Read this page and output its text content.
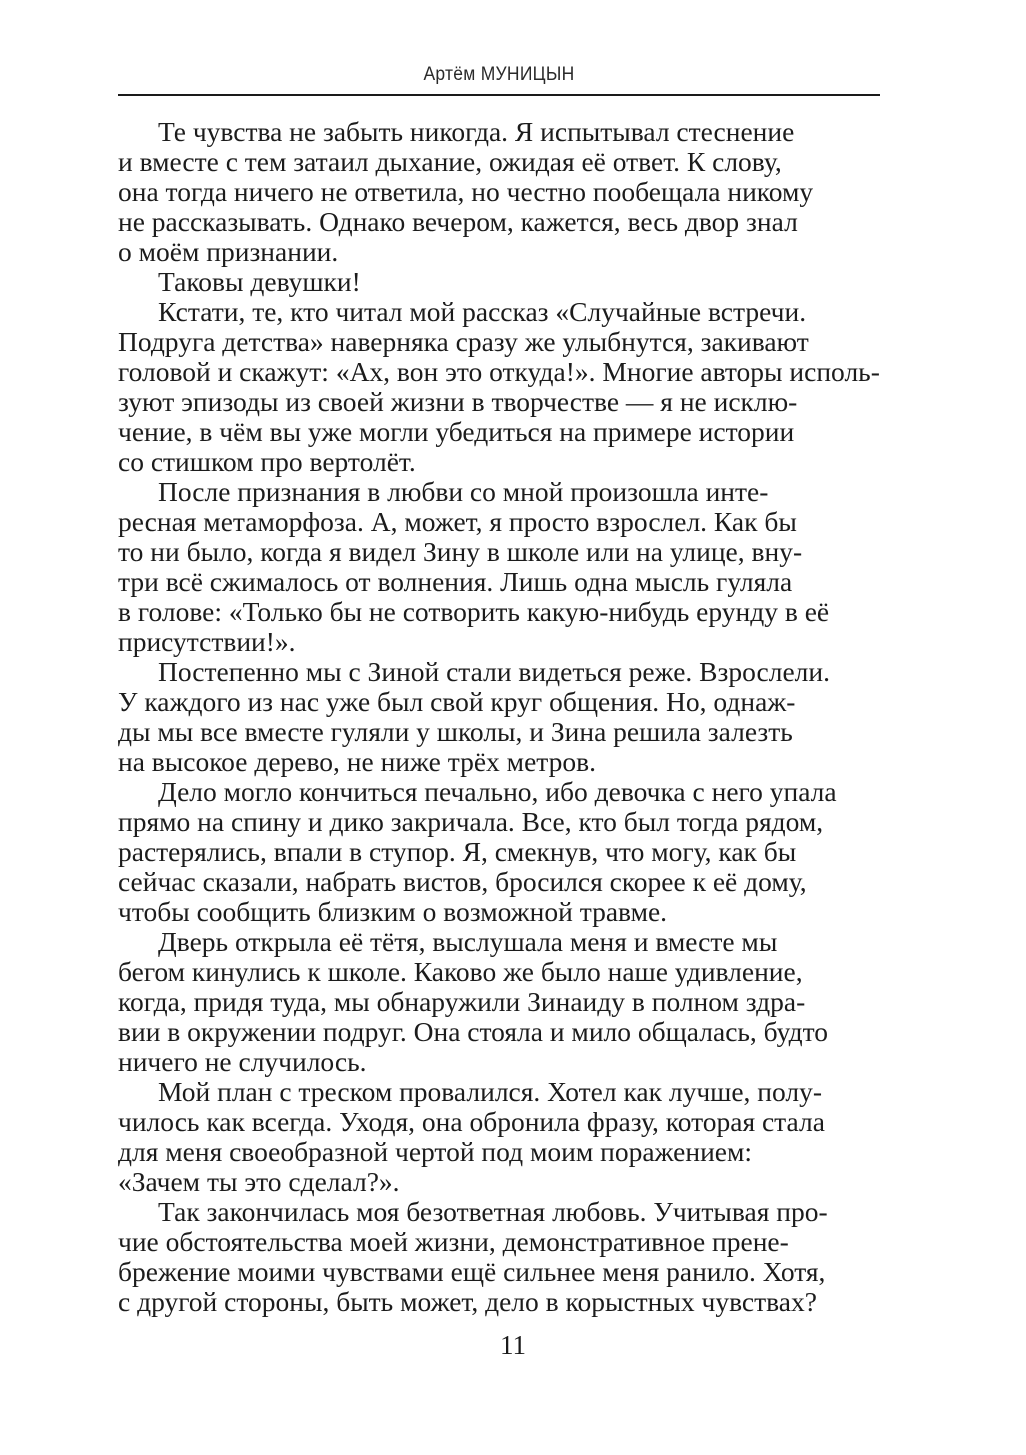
Артём МУНИЦЫН
Те чувства не забыть никогда. Я испытывал стеснение
и вместе с тем затаил дыхание, ожидая её ответ. К слову,
она тогда ничего не ответила, но честно пообещала никому
не рассказывать. Однако вечером, кажется, весь двор знал
о моём признании.
Таковы девушки!
Кстати, те, кто читал мой рассказ «Случайные встречи.
Подруга детства» наверняка сразу же улыбнутся, закивают
головой и скажут: «Ах, вон это откуда!». Многие авторы исполь-
зуют эпизоды из своей жизни в творчестве — я не исклю-
чение, в чём вы уже могли убедиться на примере истории
со стишком про вертолёт.
После признания в любви со мной произошла инте-
ресная метаморфоза. А, может, я просто взрослел. Как бы
то ни было, когда я видел Зину в школе или на улице, вну-
три всё сжималось от волнения. Лишь одна мысль гуляла
в голове: «Только бы не сотворить какую-нибудь ерунду в её
присутствии!».
Постепенно мы с Зиной стали видеться реже. Взрослели.
У каждого из нас уже был свой круг общения. Но, однаж-
ды мы все вместе гуляли у школы, и Зина решила залезть
на высокое дерево, не ниже трёх метров.
Дело могло кончиться печально, ибо девочка с него упала
прямо на спину и дико закричала. Все, кто был тогда рядом,
растерялись, впали в ступор. Я, смекнув, что могу, как бы
сейчас сказали, набрать вистов, бросился скорее к её дому,
чтобы сообщить близким о возможной травме.
Дверь открыла её тётя, выслушала меня и вместе мы
бегом кинулись к школе. Каково же было наше удивление,
когда, придя туда, мы обнаружили Зинаиду в полном здра-
вии в окружении подруг. Она стояла и мило общалась, будто
ничего не случилось.
Мой план с треском провалился. Хотел как лучше, полу-
чилось как всегда. Уходя, она обронила фразу, которая стала
для меня своеобразной чертой под моим поражением:
«Зачем ты это сделал?».
Так закончилась моя безответная любовь. Учитывая про-
чие обстоятельства моей жизни, демонстративное прене-
брежение моими чувствами ещё сильнее меня ранило. Хотя,
с другой стороны, быть может, дело в корыстных чувствах?
11
